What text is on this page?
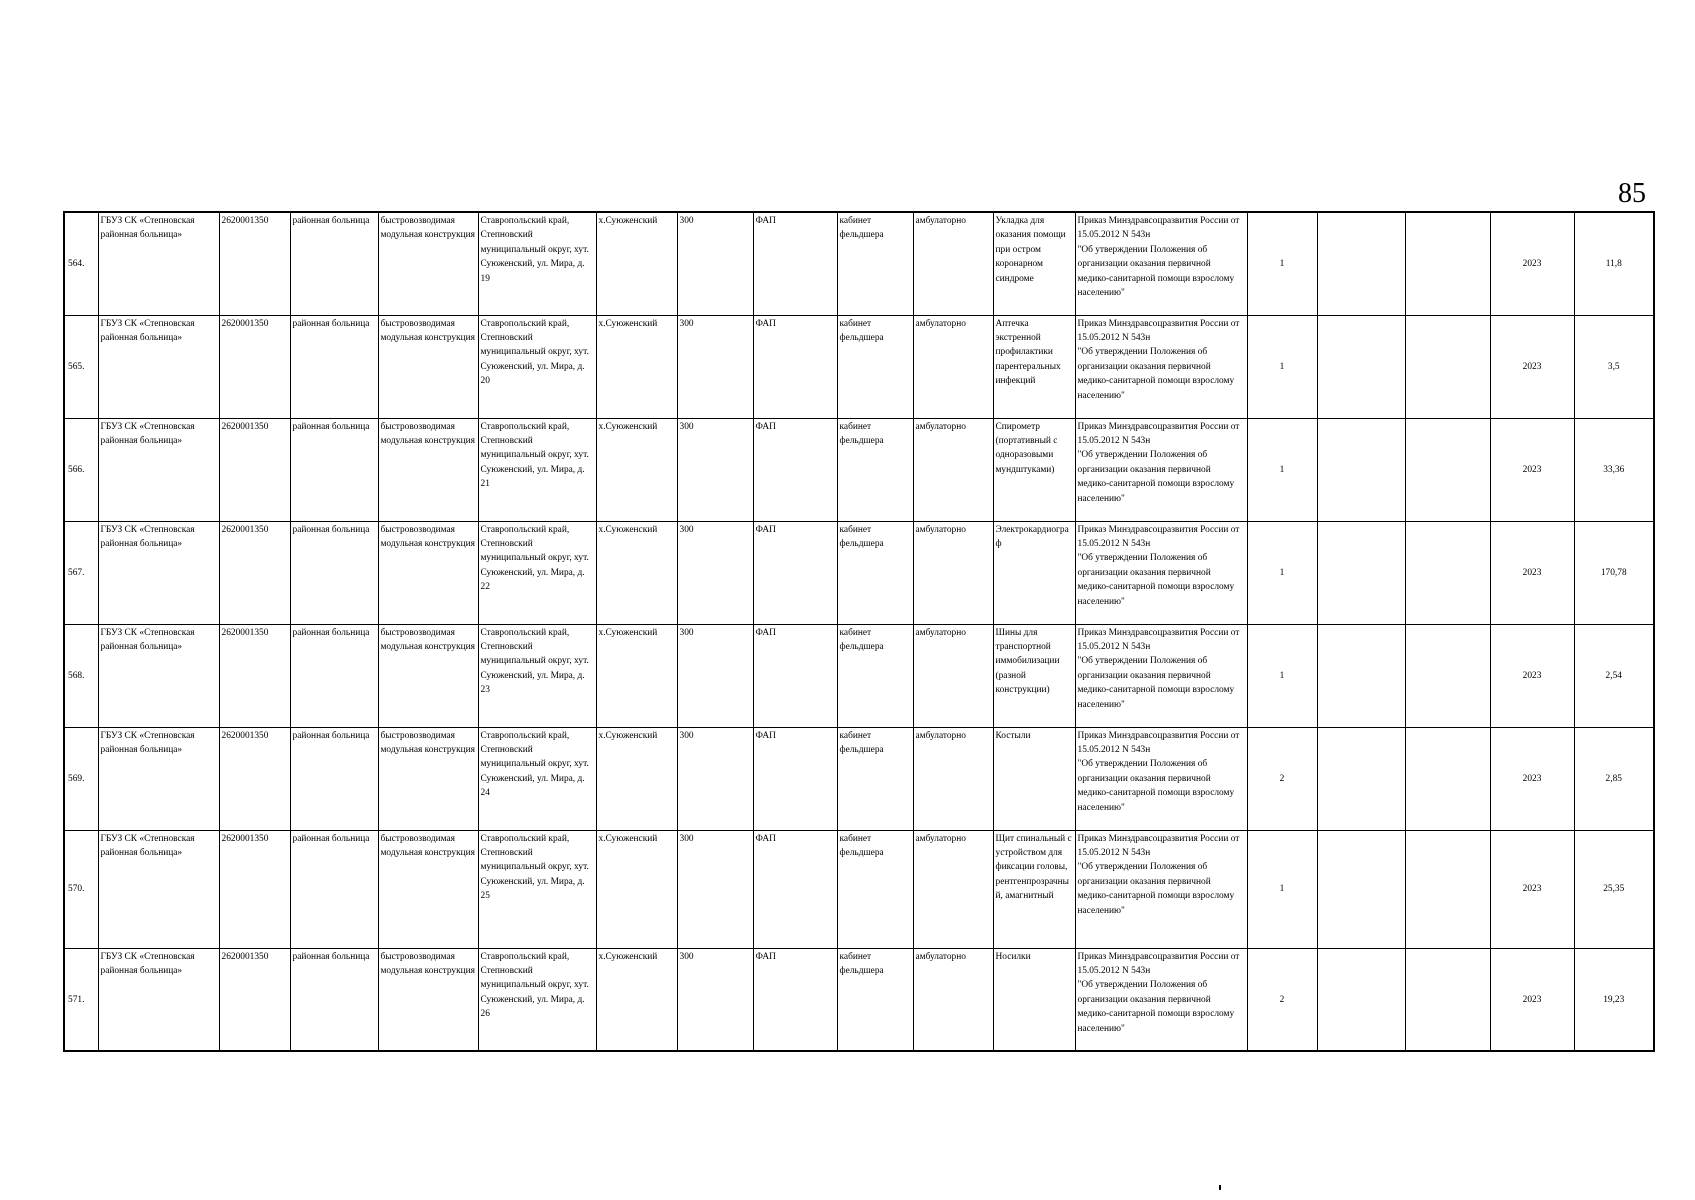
85
564.	ГБУЗ СК «Степновская районная больница»	2620001350	районная больница	быстровозводимая модульная конструкция	Ставропольский край, Степновский муниципальный округ, хут. Суюженский, ул. Мира, д. 19	х.Суюженский	300	ФАП	кабинет фельдшера	амбулаторно	Укладка для оказания помощи при остром коронарном синдроме	Приказ Минздравсоцразвития России от 15.05.2012 N 543н
"Об утверждении Положения об организации оказания первичной медико-санитарной помощи взрослому населению"	1			2023	11,8
565.	ГБУЗ СК «Степновская районная больница»	2620001350	районная больница	быстровозводимая модульная конструкция	Ставропольский край, Степновский муниципальный округ, хут. Суюженский, ул. Мира, д. 20	х.Суюженский	300	ФАП	кабинет фельдшера	амбулаторно	Аптечка экстренной профилактики парентеральных инфекций	Приказ Минздравсоцразвития России от 15.05.2012 N 543н
"Об утверждении Положения об организации оказания первичной медико-санитарной помощи взрослому населению"	1			2023	3,5
566.	ГБУЗ СК «Степновская районная больница»	2620001350	районная больница	быстровозводимая модульная конструкция	Ставропольский край, Степновский муниципальный округ, хут. Суюженский, ул. Мира, д. 21	х.Суюженский	300	ФАП	кабинет фельдшера	амбулаторно	Спирометр (портативный с одноразовыми мундштуками)	Приказ Минздравсоцразвития России от 15.05.2012 N 543н
"Об утверждении Положения об организации оказания первичной медико-санитарной помощи взрослому населению"	1			2023	33,36
567.	ГБУЗ СК «Степновская районная больница»	2620001350	районная больница	быстровозводимая модульная конструкция	Ставропольский край, Степновский муниципальный округ, хут. Суюженский, ул. Мира, д. 22	х.Суюженский	300	ФАП	кабинет фельдшера	амбулаторно	Электрокардиограф	Приказ Минздравсоцразвития России от 15.05.2012 N 543н
"Об утверждении Положения об организации оказания первичной медико-санитарной помощи взрослому населению"	1			2023	170,78
568.	ГБУЗ СК «Степновская районная больница»	2620001350	районная больница	быстровозводимая модульная конструкция	Ставропольский край, Степновский муниципальный округ, хут. Суюженский, ул. Мира, д. 23	х.Суюженский	300	ФАП	кабинет фельдшера	амбулаторно	Шины для транспортной иммобилизации (разной конструкции)	Приказ Минздравсоцразвития России от 15.05.2012 N 543н
"Об утверждении Положения об организации оказания первичной медико-санитарной помощи взрослому населению"	1			2023	2,54
569.	ГБУЗ СК «Степновская районная больница»	2620001350	районная больница	быстровозводимая модульная конструкция	Ставропольский край, Степновский муниципальный округ, хут. Суюженский, ул. Мира, д. 24	х.Суюженский	300	ФАП	кабинет фельдшера	амбулаторно	Костыли	Приказ Минздравсоцразвития России от 15.05.2012 N 543н
"Об утверждении Положения об организации оказания первичной медико-санитарной помощи взрослому населению"	2			2023	2,85
570.	ГБУЗ СК «Степновская районная больница»	2620001350	районная больница	быстровозводимая модульная конструкция	Ставропольский край, Степновский муниципальный округ, хут. Суюженский, ул. Мира, д. 25	х.Суюженский	300	ФАП	кабинет фельдшера	амбулаторно	Щит спинальный с устройством для фиксации головы, рентгенпрозрачный, амагнитный	Приказ Минздравсоцразвития России от 15.05.2012 N 543н
"Об утверждении Положения об организации оказания первичной медико-санитарной помощи взрослому населению"	1			2023	25,35
571.	ГБУЗ СК «Степновская районная больница»	2620001350	районная больница	быстровозводимая модульная конструкция	Ставропольский край, Степновский муниципальный округ, хут. Суюженский, ул. Мира, д. 26	х.Суюженский	300	ФАП	кабинет фельдшера	амбулаторно	Носилки	Приказ Минздравсоцразвития России от 15.05.2012 N 543н
"Об утверждении Положения об организации оказания первичной медико-санитарной помощи взрослому населению"	2			2023	19,23
